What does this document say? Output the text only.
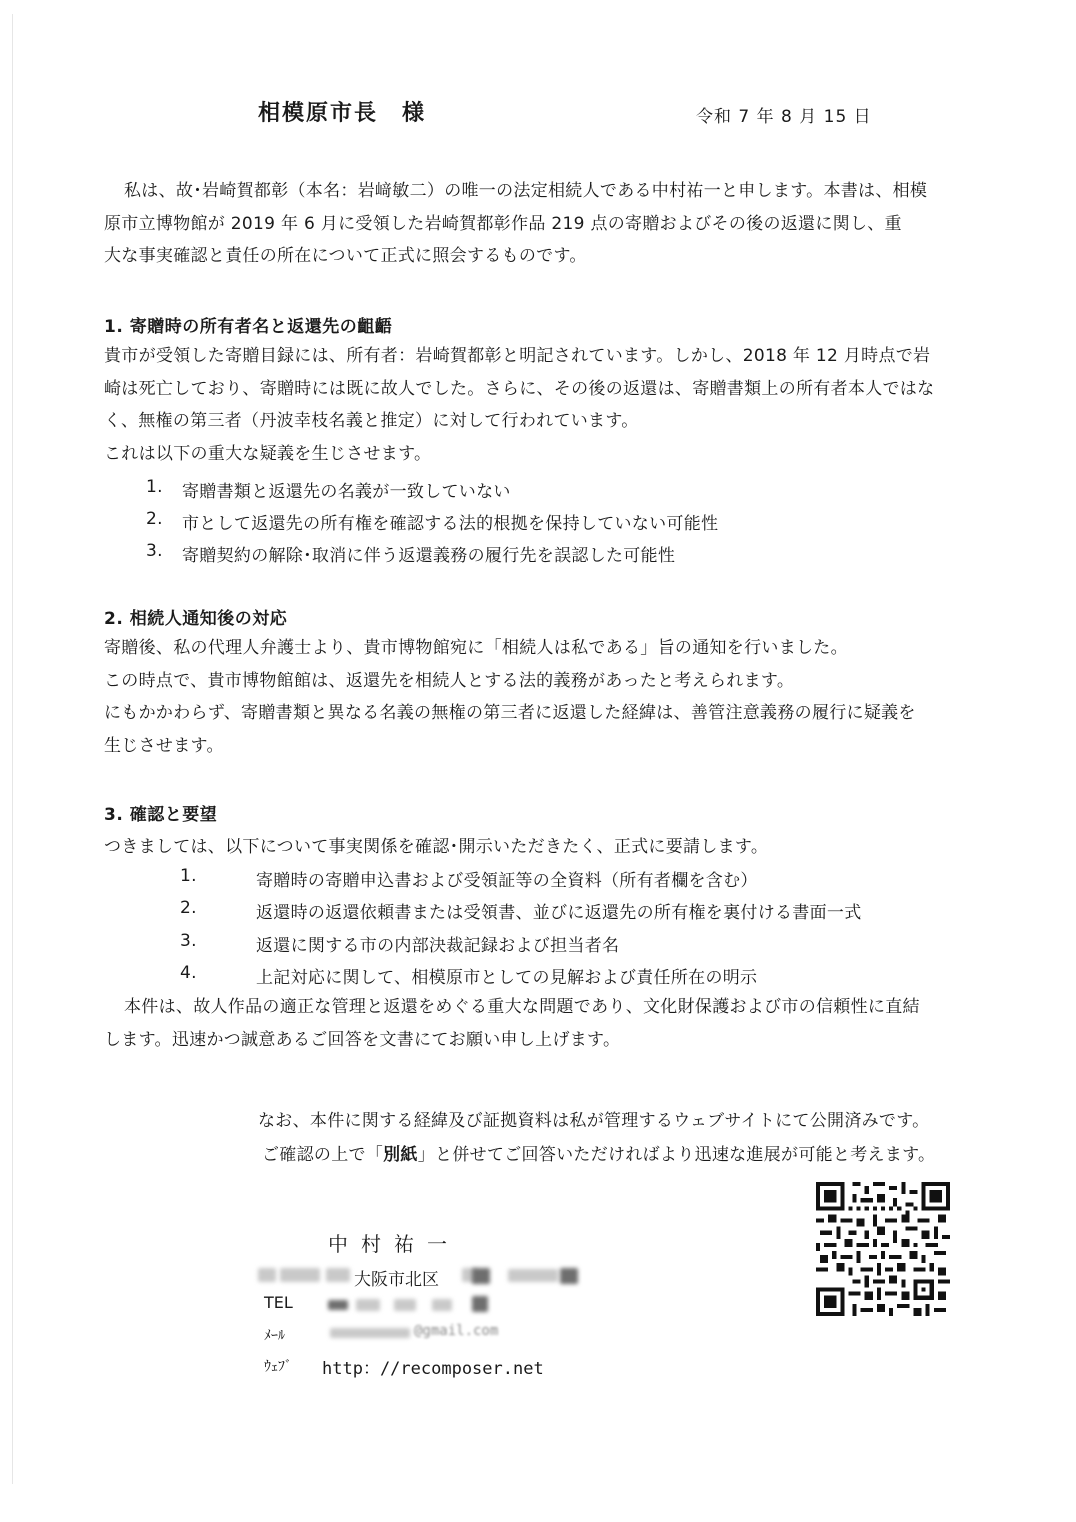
相模原市長　様	令和 7 年 8 月 15 日
私は、故･岩崎賀都彰（本名：岩﨑敏二）の唯一の法定相続人である中村祐一と申します。本書は、相模
原市立博物館が 2019 年 6 月に受領した岩崎賀都彰作品 219 点の寄贈およびその後の返還に関し、重
大な事実確認と責任の所在について正式に照会するものです。
1. 寄贈時の所有者名と返還先の齟齬
貴市が受領した寄贈目録には、所有者：岩崎賀都彰と明記されています。しかし、2018 年 12 月時点で岩
崎は死亡しており、寄贈時には既に故人でした。さらに、その後の返還は、寄贈書類上の所有者本人ではな
く、無権の第三者（丹波幸枝名義と推定）に対して行われています。
これは以下の重大な疑義を生じさせます。
1. 寄贈書類と返還先の名義が一致していない
2. 市として返還先の所有権を確認する法的根拠を保持していない可能性
3. 寄贈契約の解除･取消に伴う返還義務の履行先を誤認した可能性
2. 相続人通知後の対応
寄贈後、私の代理人弁護士より、貴市博物館宛に「相続人は私である」旨の通知を行いました。
この時点で、貴市博物館館は、返還先を相続人とする法的義務があったと考えられます。
にもかかわらず、寄贈書類と異なる名義の無権の第三者に返還した経緯は、善管注意義務の履行に疑義を
生じさせます。
3. 確認と要望
つきましては、以下について事実関係を確認･開示いただきたく、正式に要請します。
1.	寄贈時の寄贈申込書および受領証等の全資料（所有者欄を含む）
2.	返還時の返還依頼書または受領書、並びに返還先の所有権を裏付ける書面一式
3.	返還に関する市の内部決裁記録および担当者名
4.	上記対応に関して、相模原市としての見解および責任所在の明示
本件は、故人作品の適正な管理と返還をめぐる重大な問題であり、文化財保護および市の信頼性に直結
します。迅速かつ誠意あるご回答を文書にてお願い申し上げます。
なお、本件に関する経緯及び証拠資料は私が管理するウェブサイトにて公開済みです。
ご確認の上で「別紙」と併せてご回答いただければより迅速な進展が可能と考えます。
中村祐一
大阪市北区
TEL
ﾒｰﾙ	@gmail.com
ｳｪﾌﾞ http：//recomposer.net
